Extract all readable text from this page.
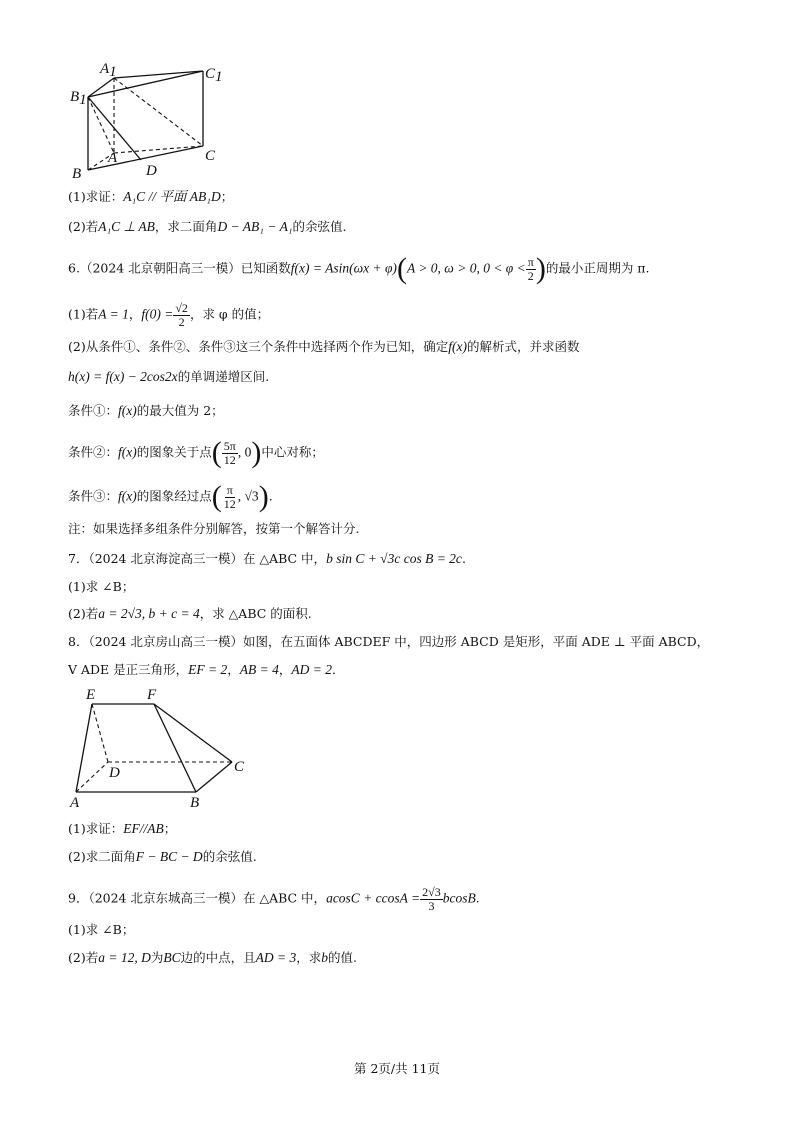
A1
B1
C1
A
B
C
D
(1)求证：A₁C // 平面 AB₁D；
(2)若A₁C ⊥ AB，求二面角D − AB₁ − A₁的余弦值.
6.（2024 北京朝阳高三一模）已知函数f(x) = Asin(ωx + φ)(A > 0, ω > 0, $0 < \varphi < \frac{\pi}{2}$ )的最小正周期为 π.
(1)若A = 1，$f(0) = \frac{√2}{2}$ ，求 φ 的值；
(2)从条件①、条件②、条件③这三个条件中选择两个作为已知，确定f(x)的解析式，并求函数
h(x) = f(x) − 2cos2x的单调递增区间.
条件①：f(x)的最大值为 2；
条件②：f(x)的图象关于点( $\frac{5\pi}{12}$ , 0)中心对称；
条件③：f(x)的图象经过点( $\frac{\pi}{12}$ , √3).
注：如果选择多组条件分别解答，按第一个解答计分.
7．（2024 北京海淀高三一模）在 △ABC 中，b sin C + √3c cos B = 2c.
(1)求 ∠B；
(2)若a = 2√3, b + c = 4，求 △ABC 的面积.
8．（2024 北京房山高三一模）如图，在五面体 ABCDEF 中，四边形 ABCD 是矩形，平面 ADE ⊥ 平面 ABCD，
V ADE 是正三角形，EF = 2，AB = 4，AD = 2．
E	F
D	C
A	B
(1)求证：EF//AB；
(2)求二面角F − BC − D的余弦值.
9．（2024 北京东城高三一模）在 △ABC 中，$acosC + ccosA = \frac{2√3}{3} bcosB$.
(1)求 ∠B；
(2)若a = 12, D为BC边的中点，且AD = 3，求b的值.
第 2页/共 11页
